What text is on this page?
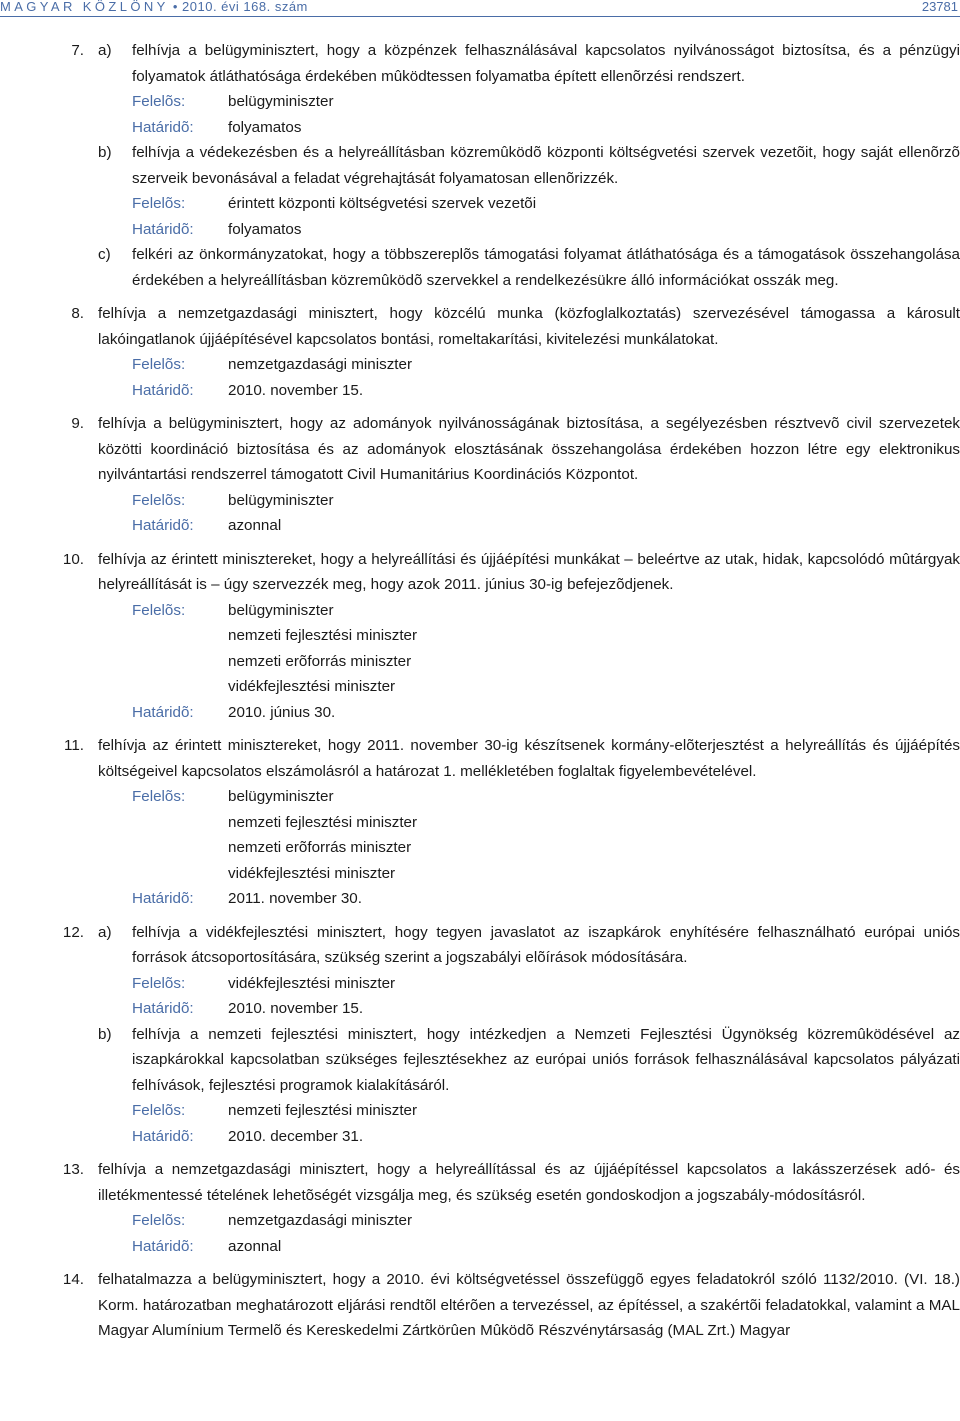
MAGYAR KÖZLÖNY • 2010. évi 168. szám	23781
7. a) felhívja a belügyminisztert, hogy a közpénzek felhasználásával kapcsolatos nyilvánosságot biztosítsa, és a pénzügyi folyamatok átláthatósága érdekében mûködtessen folyamatba épített ellenõrzési rendszert.

Felelõs:	belügyminiszter
Határidõ:	folyamatos
b) felhívja a védekezésben és a helyreállításban közremûködõ központi költségvetési szervek vezetõit, hogy saját ellenõrzõ szerveik bevonásával a feladat végrehajtását folyamatosan ellenõrizzék.

Felelõs:	érintett központi költségvetési szervek vezetõi
Határidõ:	folyamatos
c) felkéri az önkormányzatokat, hogy a többszereplõs támogatási folyamat átláthatósága és a támogatások összehangolása érdekében a helyreállításban közremûködõ szervekkel a rendelkezésükre álló információkat osszák meg.

8. felhívja a nemzetgazdasági minisztert, hogy közcélú munka (közfoglalkoztatás) szervezésével támogassa a károsult lakóingatlanok újjáépítésével kapcsolatos bontási, romeltakarítási, kivitelezési munkálatokat.

Felelõs:	nemzetgazdasági miniszter
Határidõ:	2010. november 15.
9. felhívja a belügyminisztert, hogy az adományok nyilvánosságának biztosítása, a segélyezésben résztvevõ civil szervezetek közötti koordináció biztosítása és az adományok elosztásának összehangolása érdekében hozzon létre egy elektronikus nyilvántartási rendszerrel támogatott Civil Humanitárius Koordinációs Központot.

Felelõs:	belügyminiszter
Határidõ:	azonnal
10. felhívja az érintett minisztereket, hogy a helyreállítási és újjáépítési munkákat – beleértve az utak, hidak, kapcsolódó mûtárgyak helyreállítását is – úgy szervezzék meg, hogy azok 2011. június 30-ig befejezõdjenek.

Felelõs:	belügyminiszter
nemzeti fejlesztési miniszter
nemzeti erõforrás miniszter
vidékfejlesztési miniszter
Határidõ:	2010. június 30.
11. felhívja az érintett minisztereket, hogy 2011. november 30-ig készítsenek kormány-elõterjesztést a helyreállítás és újjáépítés költségeivel kapcsolatos elszámolásról a határozat 1. mellékletében foglaltak figyelembevételével.

Felelõs:	belügyminiszter
nemzeti fejlesztési miniszter
nemzeti erõforrás miniszter
vidékfejlesztési miniszter
Határidõ:	2011. november 30.
12. a) felhívja a vidékfejlesztési minisztert, hogy tegyen javaslatot az iszapkárok enyhítésére felhasználható európai uniós források átcsoportosítására, szükség szerint a jogszabályi elõírások módosítására.

Felelõs:	vidékfejlesztési miniszter
Határidõ:	2010. november 15.
b) felhívja a nemzeti fejlesztési minisztert, hogy intézkedjen a Nemzeti Fejlesztési Ügynökség közremûködésével az iszapkárokkal kapcsolatban szükséges fejlesztésekhez az európai uniós források felhasználásával kapcsolatos pályázati felhívások, fejlesztési programok kialakításáról.

Felelõs:	nemzeti fejlesztési miniszter
Határidõ:	2010. december 31.
13. felhívja a nemzetgazdasági minisztert, hogy a helyreállítással és az újjáépítéssel kapcsolatos a lakásszerzések adó- és illetékmentessé tételének lehetõségét vizsgálja meg, és szükség esetén gondoskodjon a jogszabály-módosításról.

Felelõs:	nemzetgazdasági miniszter
Határidõ:	azonnal
14. felhatalmazza a belügyminisztert, hogy a 2010. évi költségvetéssel összefüggõ egyes feladatokról szóló 1132/2010. (VI. 18.) Korm. határozatban meghatározott eljárási rendtõl eltérõen a tervezéssel, az építéssel, a szakértõi feladatokkal, valamint a MAL Magyar Alumínium Termelõ és Kereskedelmi Zártkörûen Mûködõ Részvénytársaság (MAL Zrt.) Magyar
